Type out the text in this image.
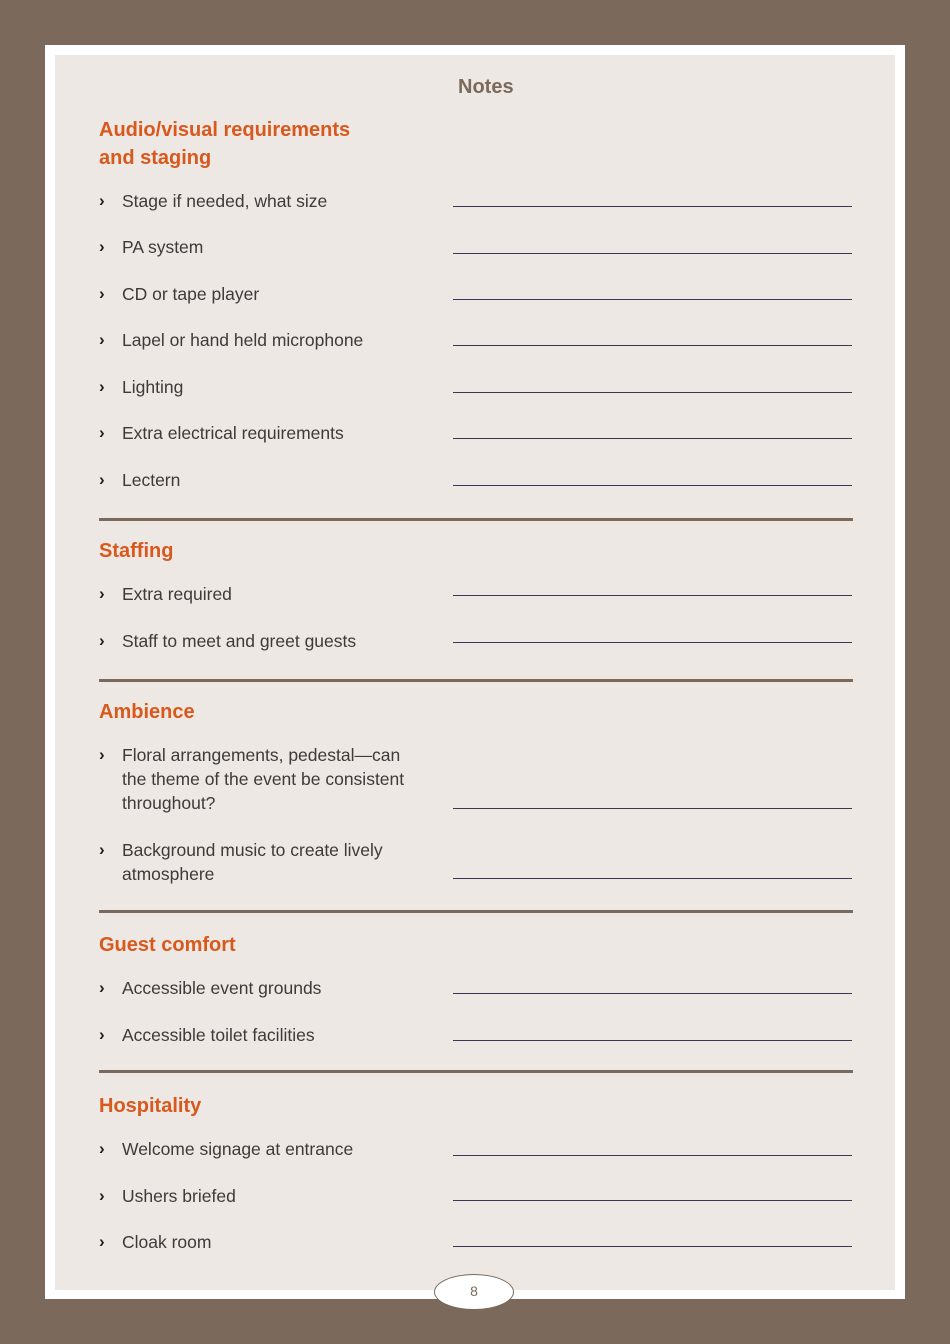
Notes
Audio/visual requirements
and staging
› Stage if needed, what size
› PA system
› CD or tape player
› Lapel or hand held microphone
› Lighting
› Extra electrical requirements
› Lectern
Staffing
› Extra required
› Staff to meet and greet guests
Ambience
› Floral arrangements, pedestal—can the theme of the event be consistent throughout?
› Background music to create lively atmosphere
Guest comfort
› Accessible event grounds
› Accessible toilet facilities
Hospitality
› Welcome signage at entrance
› Ushers briefed
› Cloak room
8
